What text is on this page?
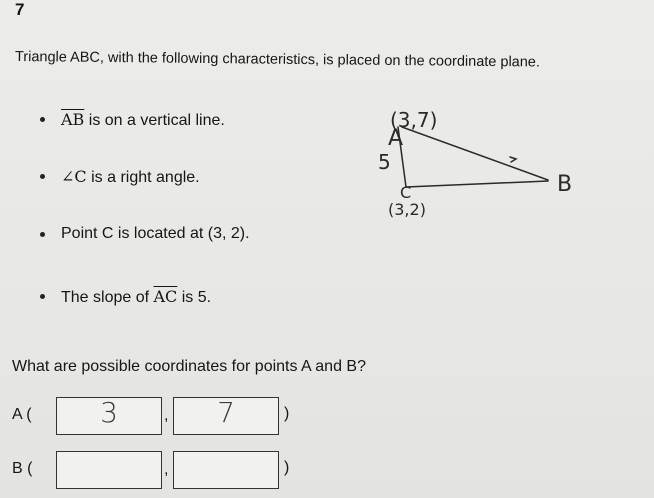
7
Triangle ABC, with the following characteristics, is placed on the coordinate plane.
$\overline{AB}$ is on a vertical line.
∠C is a right angle.
Point C is located at (3, 2).
The slope of $\overline{AC}$ is 5.
(3,7)
A
5
C
(3,2)
B
What are possible coordinates for points A and B?
A (	3	,	7	)
B (	,	)
